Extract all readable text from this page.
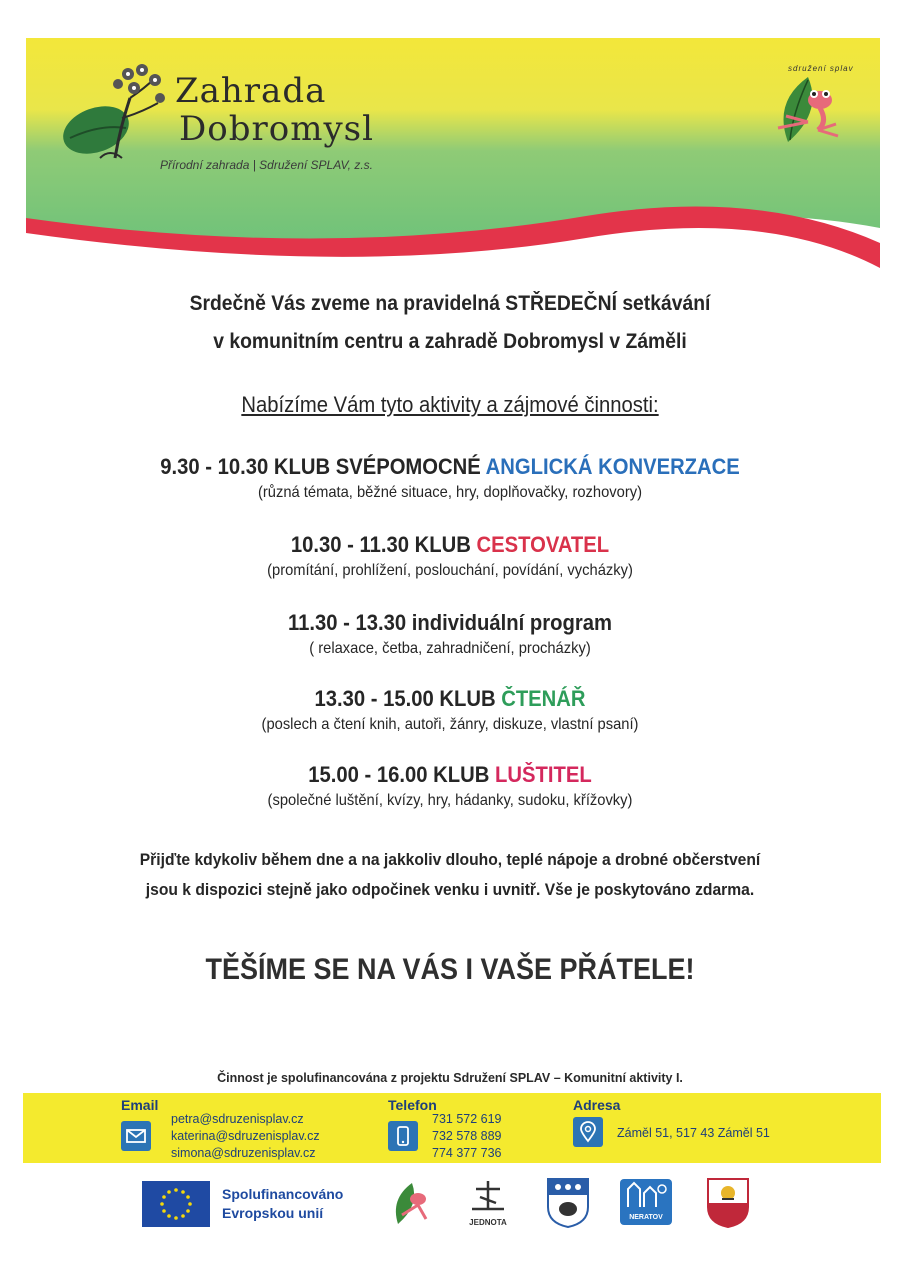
Zahrada
Dobromysl
Přírodní zahrada | Sdružení SPLAV, z.s.
sdružení splav
Srdečně Vás zveme na pravidelná STŘEDEČNÍ setkávání
v komunitním centru a zahradě Dobromysl v Záměli
Nabízíme Vám tyto aktivity a zájmové činnosti:
9.30 - 10.30 KLUB SVÉPOMOCNÉ ANGLICKÁ KONVERZACE
(různá témata, běžné situace, hry, doplňovačky, rozhovory)
10.30 - 11.30 KLUB CESTOVATEL
(promítání, prohlížení, poslouchání, povídání, vycházky)
11.30 - 13.30 individuální program
( relaxace, četba, zahradničení, procházky)
13.30 - 15.00 KLUB ČTENÁŘ
(poslech a čtení knih, autoři, žánry, diskuze, vlastní psaní)
15.00 - 16.00 KLUB LUŠTITEL
(společné luštění, kvízy, hry, hádanky, sudoku, křížovky)
Přijďte kdykoliv během dne a na jakkoliv dlouho, teplé nápoje a drobné občerstvení
jsou k dispozici stejně jako odpočinek venku i uvnitř. Vše je poskytováno zdarma.
TĚŠÍME SE NA VÁS I VAŠE PŘÁTELE!
Činnost je spolufinancována z projektu Sdružení SPLAV – Komunitní aktivity I.
Email
petra@sdruzenisplav.cz
katerina@sdruzenisplav.cz
simona@sdruzenisplav.cz
Telefon
731 572 619
732 578 889
774 377 736
Adresa
Záměl 51, 517 43 Záměl 51
Spolufinancováno
Evropskou unií
JEDNOTA
NERATOV
